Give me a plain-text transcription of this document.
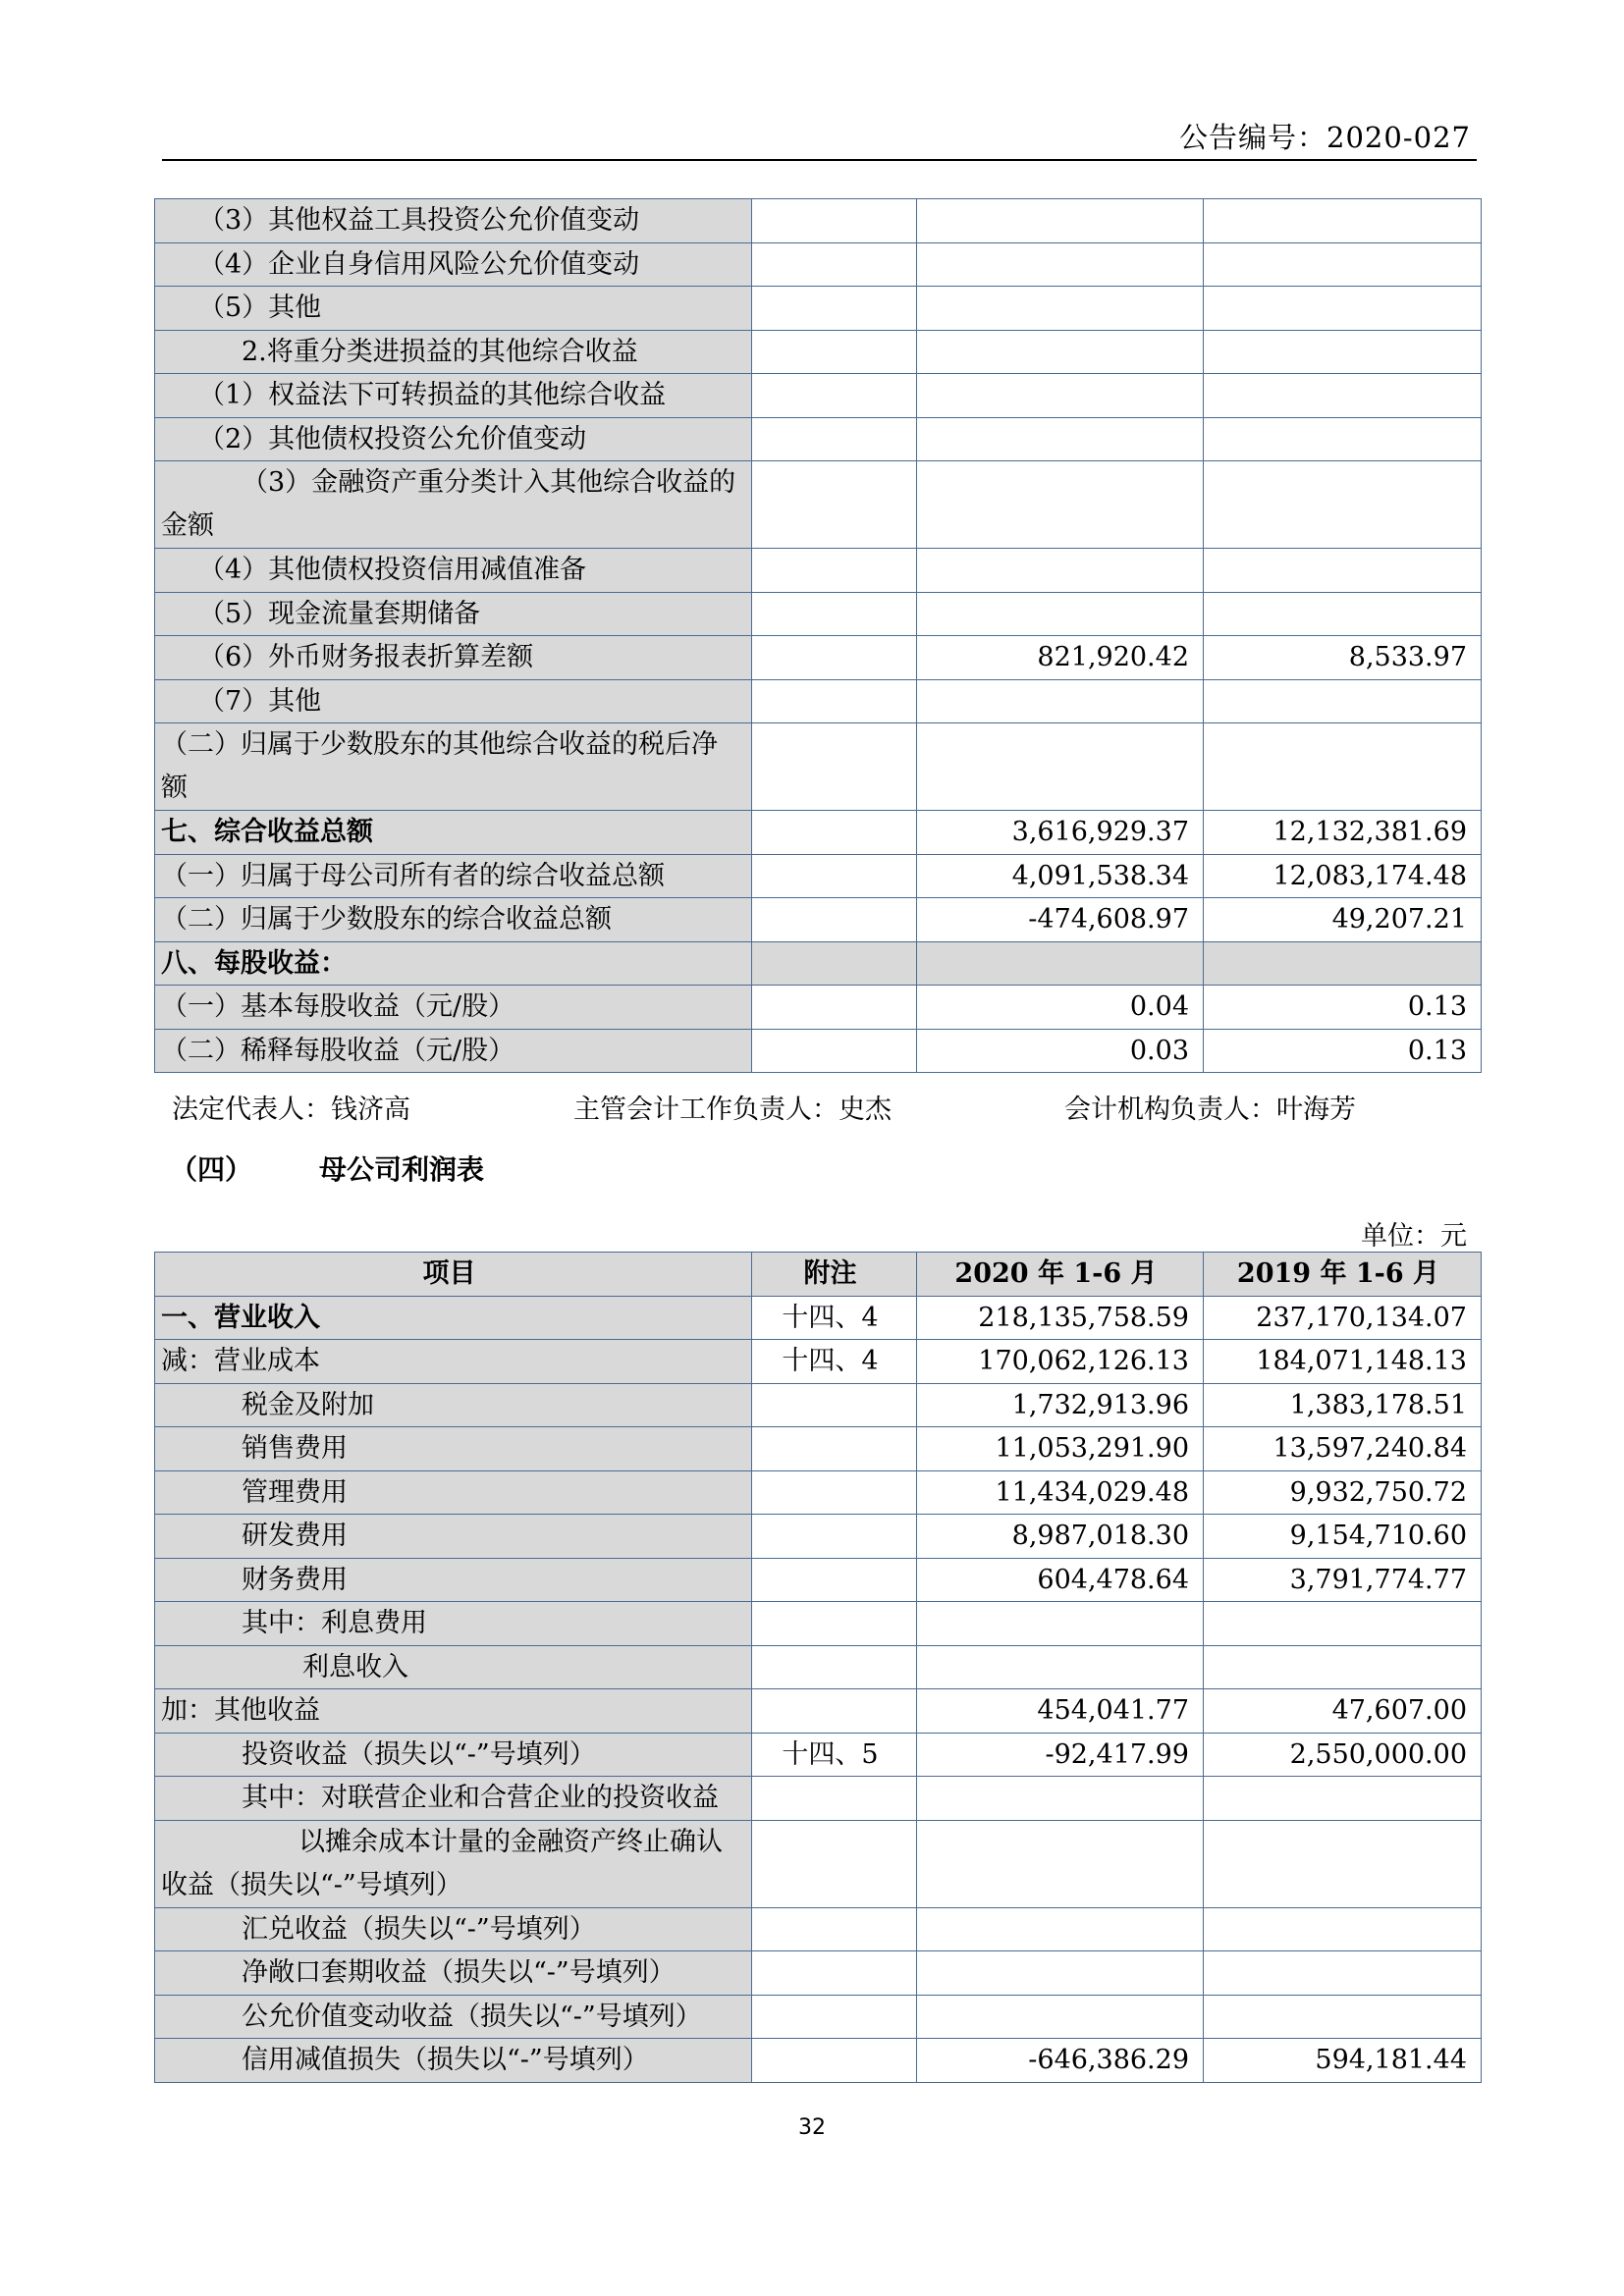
公告编号：2020-027
（3）其他权益工具投资公允价值变动			
（4）企业自身信用风险公允价值变动			
（5）其他			
2.将重分类进损益的其他综合收益			
（1）权益法下可转损益的其他综合收益			
（2）其他债权投资公允价值变动			
（3）金融资产重分类计入其他综合收益的金额			
（4）其他债权投资信用减值准备			
（5）现金流量套期储备			
（6）外币财务报表折算差额		821,920.42	8,533.97
（7）其他			
（二）归属于少数股东的其他综合收益的税后净额			
七、综合收益总额		3,616,929.37	12,132,381.69
（一）归属于母公司所有者的综合收益总额		4,091,538.34	12,083,174.48
（二）归属于少数股东的综合收益总额		-474,608.97	49,207.21
八、每股收益：			
（一）基本每股收益（元/股）		0.04	0.13
（二）稀释每股收益（元/股）		0.03	0.13
法定代表人：钱济高	主管会计工作负责人：史杰	会计机构负责人：叶海芳
（四） 母公司利润表
单位：元
项目	附注	2020 年 1-6 月	2019 年 1-6 月
一、营业收入	十四、4	218,135,758.59	237,170,134.07
减：营业成本	十四、4	170,062,126.13	184,071,148.13
税金及附加		1,732,913.96	1,383,178.51
销售费用		11,053,291.90	13,597,240.84
管理费用		11,434,029.48	9,932,750.72
研发费用		8,987,018.30	9,154,710.60
财务费用		604,478.64	3,791,774.77
其中：利息费用			
利息收入			
加：其他收益		454,041.77	47,607.00
投资收益（损失以“-”号填列）	十四、5	-92,417.99	2,550,000.00
其中：对联营企业和合营企业的投资收益			
以摊余成本计量的金融资产终止确认收益（损失以“-”号填列）			
汇兑收益（损失以“-”号填列）			
净敞口套期收益（损失以“-”号填列）			
公允价值变动收益（损失以“-”号填列）			
信用减值损失（损失以“-”号填列）		-646,386.29	594,181.44
32
